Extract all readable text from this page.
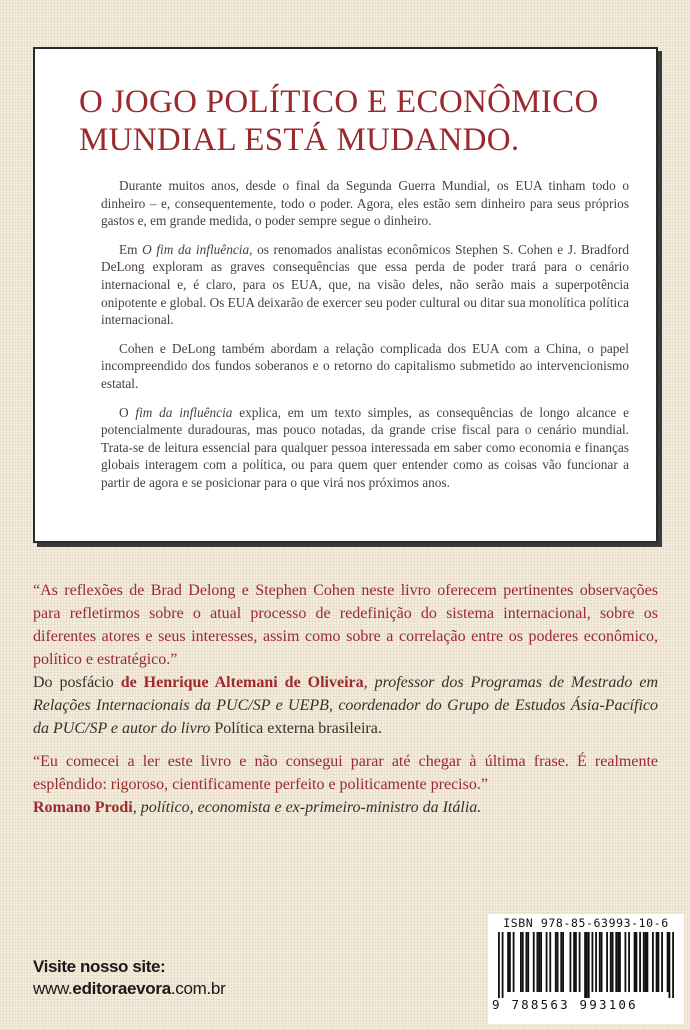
O JOGO POLÍTICO E ECONÔMICO
MUNDIAL ESTÁ MUDANDO.

Durante muitos anos, desde o final da Segunda Guerra Mundial, os EUA tinham todo o dinheiro – e, consequentemente, todo o poder. Agora, eles estão sem dinheiro para seus próprios gastos e, em grande medida, o poder sempre segue o dinheiro.

Em O fim da influência, os renomados analistas econômicos Stephen S. Cohen e J. Bradford DeLong exploram as graves consequências que essa perda de poder trará para o cenário internacional e, é claro, para os EUA, que, na visão deles, não serão mais a superpotência onipotente e global. Os EUA deixarão de exercer seu poder cultural ou ditar sua monolítica política internacional.

Cohen e DeLong também abordam a relação complicada dos EUA com a China, o papel incompreendido dos fundos soberanos e o retorno do capitalismo submetido ao intervencionismo estatal.

O fim da influência explica, em um texto simples, as consequências de longo alcance e potencialmente duradouras, mas pouco notadas, da grande crise fiscal para o cenário mundial. Trata-se de leitura essencial para qualquer pessoa interessada em saber como economia e finanças globais interagem com a política, ou para quem quer entender como as coisas vão funcionar a partir de agora e se posicionar para o que virá nos próximos anos.

“As reflexões de Brad Delong e Stephen Cohen neste livro oferecem pertinentes observações para refletirmos sobre o atual processo de redefinição do sistema internacional, sobre os diferentes atores e seus interesses, assim como sobre a correlação entre os poderes econômico, político e estratégico.”

Do posfácio de Henrique Altemani de Oliveira, professor dos Programas de Mestrado em Relações Internacionais da PUC/SP e UEPB, coordenador do Grupo de Estudos Ásia-Pacífico da PUC/SP e autor do livro Política externa brasileira.

“Eu comecei a ler este livro e não consegui parar até chegar à última frase. É realmente esplêndido: rigoroso, cientificamente perfeito e politicamente preciso.”

Romano Prodi, político, economista e ex-primeiro-ministro da Itália.

Visite nosso site:
www.editoraevora.com.br
ISBN 978-85-63993-10-6
9 788563 993106
